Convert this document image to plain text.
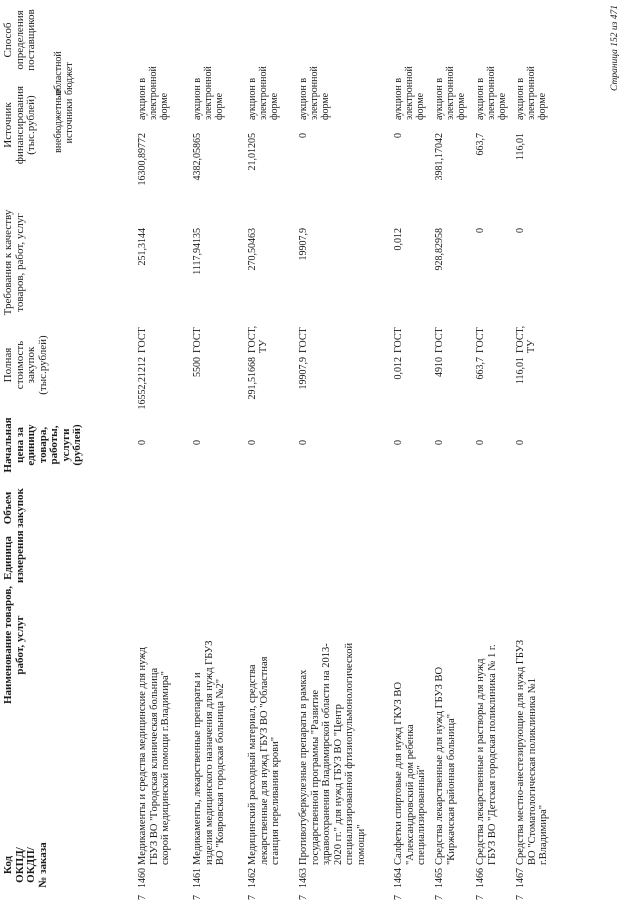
Код ОКПД/ ОКДП/ № заказа
Наименование товаров, работ, услуг
Единица измерения
Объем закупок
Начальная цена за единицу товара, работы, услуги (рублей)
Полная стоимость закупок (тыс.рублей)
Требования к качеству товаров, работ, услуг
Источник финансирования (тыс.рублей)
областной бюджет
внебюджетные источники
Способ определения поставщиков
7
1460
Медикаменты и средства медицинские для нужд ГБУЗ ВО "Городская клиническая больница скорой медицинской помощи г.Владимира"
0
16552,21212
ГОСТ
251,3144
16300,89772
аукцион в электронной форме
7
1461
Медикаменты, лекарственные препараты и изделия медицинского назначения для нужд ГБУЗ ВО "Ковровская городская больница №2"
0
5500
ГОСТ
1117,94135
4382,05865
аукцион в электронной форме
7
1462
Медицинский расходный материал, средства лекарственные для нужд ГБУЗ ВО "Областная станция переливания крови"
0
291,51668
ГОСТ, ТУ
270,50463
21,01205
аукцион в электронной форме
7
1463
Противотуберкулезные препараты в рамках государственной программы "Развитие здравоохранения Владимирской области на 2013-2020 гг." для нужд ГБУЗ ВО "Центр специализированной фтизиопульмонологической помощи"
0
19907,9
ГОСТ
19907,9
0
аукцион в электронной форме
7
1464
Салфетки спиртовые для нужд ГКУЗ ВО "Александровский дом ребенка специализированный"
0
0,012
ГОСТ
0,012
0
аукцион в электронной форме
7
1465
Средства лекарственные для нужд ГБУЗ ВО "Киржачская районная больница"
0
4910
ГОСТ
928,82958
3981,17042
аукцион в электронной форме
7
1466
Средства лекарственные и растворы для нужд ГБУЗ ВО "Детская городская поликлиника № 1 г.
0
663,7
ГОСТ
0
663,7
аукцион в электронной форме
7
1467
Средства местно-анестезирующие для нужд ГБУЗ ВО "Стоматологическая поликлиника №1 г.Владимира"
0
116,01
ГОСТ, ТУ
0
116,01
аукцион в электронной форме
Страница 152 из 471
